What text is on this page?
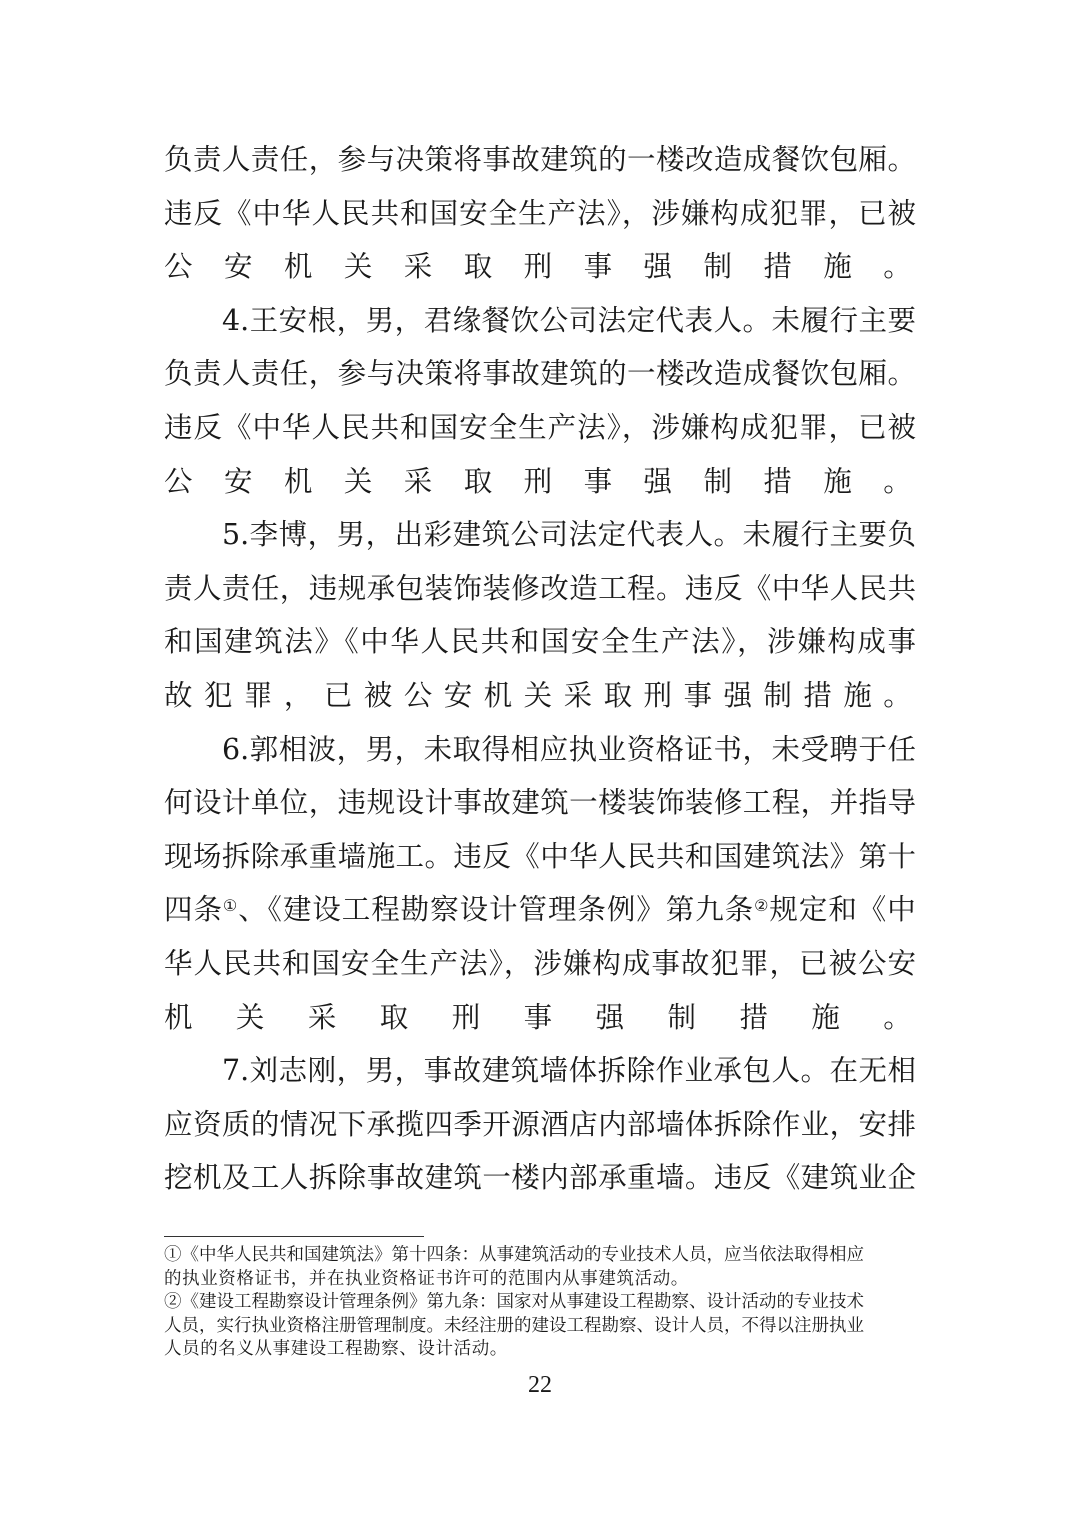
负责人责任，参与决策将事故建筑的一楼改造成餐饮包厢。
违反《中华人民共和国安全生产法》，涉嫌构成犯罪，已被
公安机关采取刑事强制措施。
4.王安根，男，君缘餐饮公司法定代表人。未履行主要
负责人责任，参与决策将事故建筑的一楼改造成餐饮包厢。
违反《中华人民共和国安全生产法》，涉嫌构成犯罪，已被
公安机关采取刑事强制措施。
5.李博，男，出彩建筑公司法定代表人。未履行主要负
责人责任，违规承包装饰装修改造工程。违反《中华人民共
和国建筑法》《中华人民共和国安全生产法》，涉嫌构成事
故犯罪，已被公安机关采取刑事强制措施。
6.郭相波，男，未取得相应执业资格证书，未受聘于任
何设计单位，违规设计事故建筑一楼装饰装修工程，并指导
现场拆除承重墙施工。违反《中华人民共和国建筑法》第十
四条①、《建设工程勘察设计管理条例》第九条②规定和《中
华人民共和国安全生产法》，涉嫌构成事故犯罪，已被公安
机关采取刑事强制措施。
7.刘志刚，男，事故建筑墙体拆除作业承包人。在无相
应资质的情况下承揽四季开源酒店内部墙体拆除作业，安排
挖机及工人拆除事故建筑一楼内部承重墙。违反《建筑业企
①《中华人民共和国建筑法》第十四条：从事建筑活动的专业技术人员，应当依法取得相应
的执业资格证书，并在执业资格证书许可的范围内从事建筑活动。
②《建设工程勘察设计管理条例》第九条：国家对从事建设工程勘察、设计活动的专业技术
人员，实行执业资格注册管理制度。未经注册的建设工程勘察、设计人员，不得以注册执业
人员的名义从事建设工程勘察、设计活动。
22
